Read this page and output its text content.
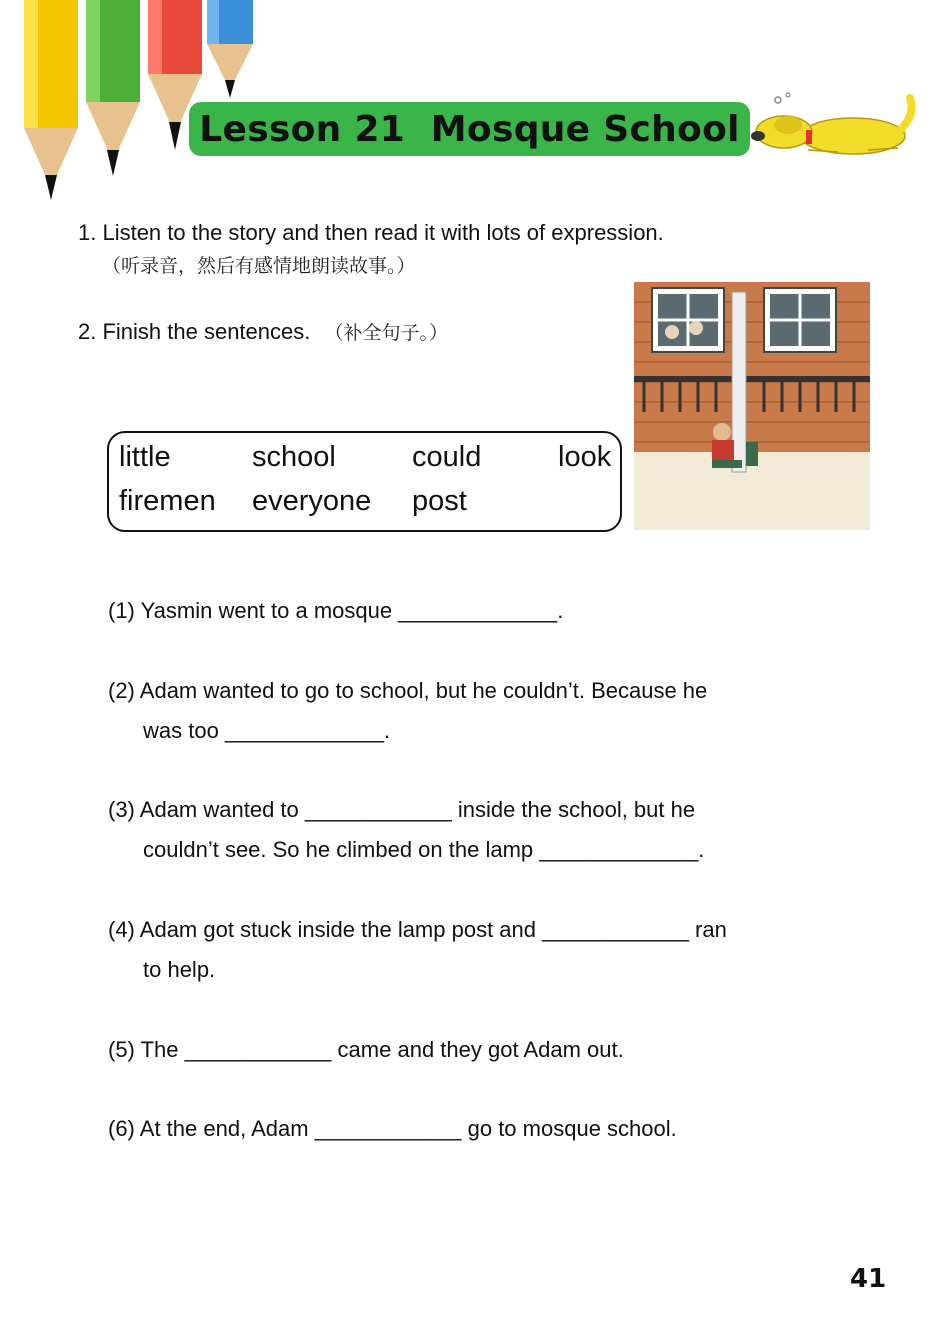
Lesson 21  Mosque School
1. Listen to the story and then read it with lots of expression.
（听录音，然后有感情地朗读故事。）
2. Finish the sentences. （补全句子。）
little	school	could	look
firemen everyone post
(1) Yasmin went to a mosque _____________.
(2) Adam wanted to go to school, but he couldn’t. Because he
was too _____________.
(3) Adam wanted to ____________ inside the school, but he
couldn’t see. So he climbed on the lamp _____________.
(4) Adam got stuck inside the lamp post and ____________ ran
to help.
(5) The ____________ came and they got Adam out.
(6) At the end, Adam ____________ go to mosque school.
41
